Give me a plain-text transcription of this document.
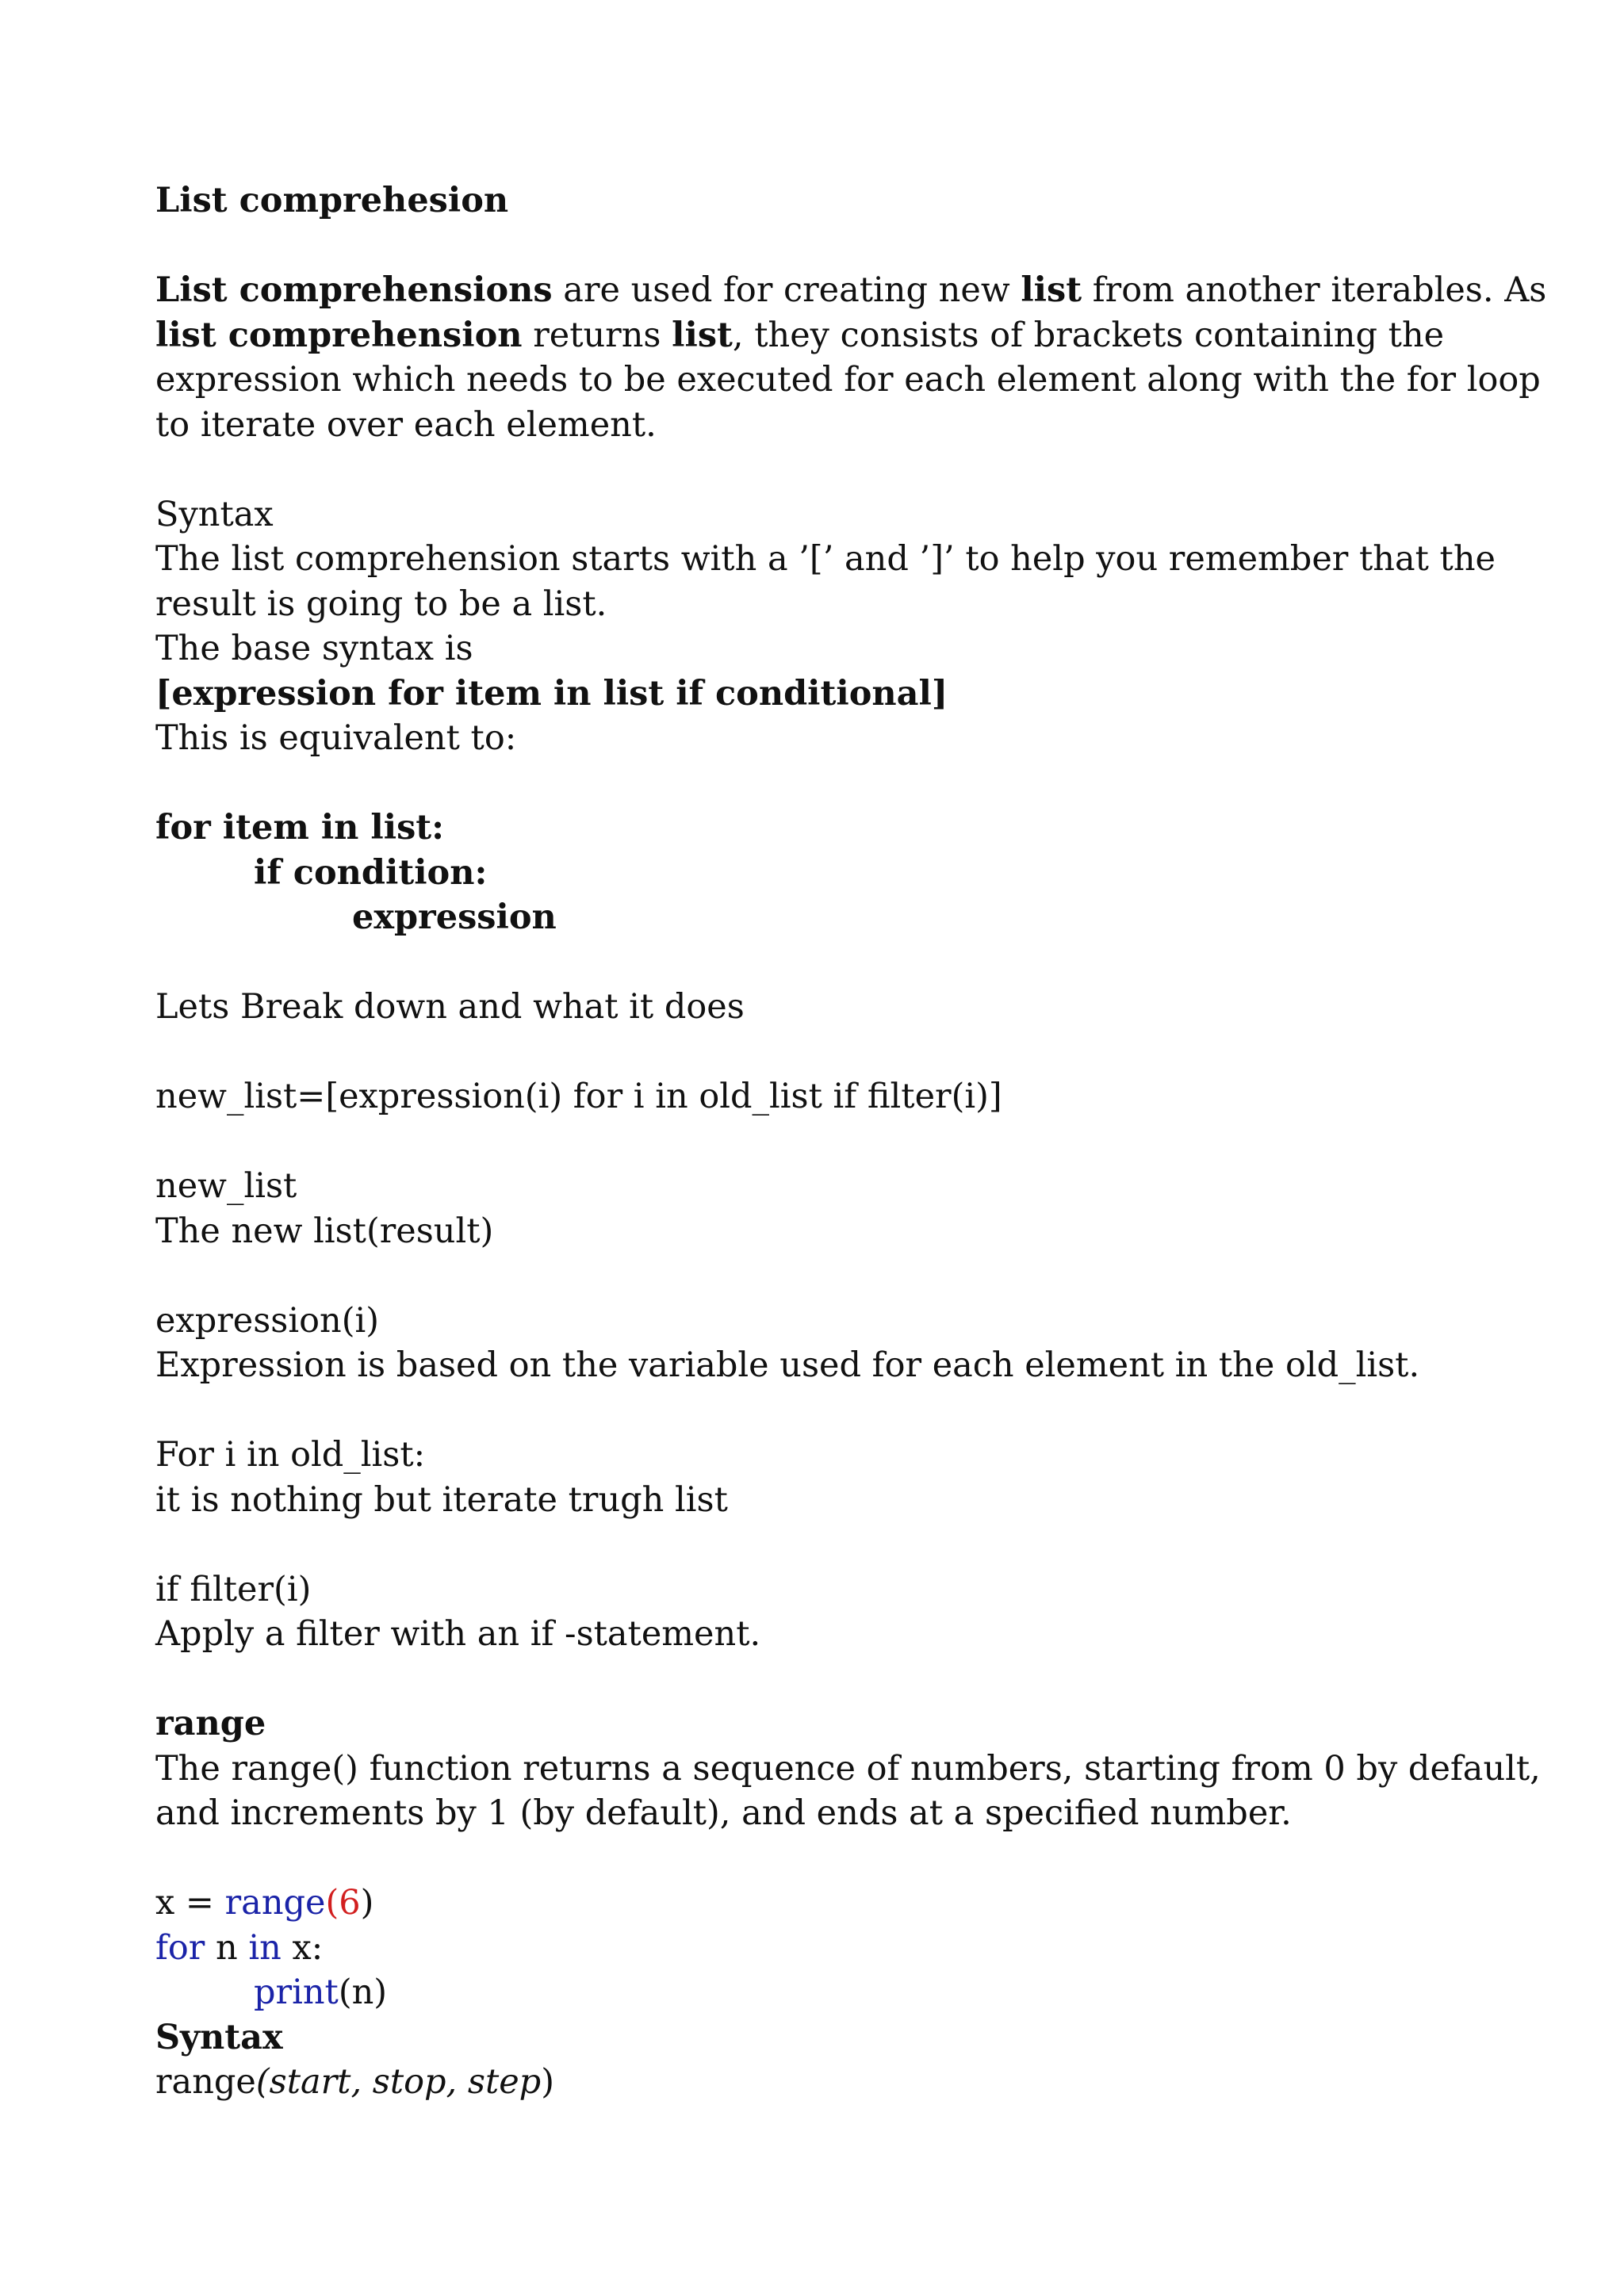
List comprehesion
List comprehensions are used for creating new list from another iterables. As
list comprehension returns list, they consists of brackets containing the
expression which needs to be executed for each element along with the for loop
to iterate over each element.
Syntax
The list comprehension starts with a ’[’ and ’]’ to help you remember that the
result is going to be a list.
The base syntax is
[expression for item in list if conditional]
This is equivalent to:
for item in list:
if condition:
expression
Lets Break down and what it does
new_list=[expression(i) for i in old_list if filter(i)]
new_list
The new list(result)
expression(i)
Expression is based on the variable used for each element in the old_list.
For i in old_list:
it is nothing but iterate trugh list
if filter(i)
Apply a filter with an if -statement.
range
The range() function returns a sequence of numbers, starting from 0 by default,
and increments by 1 (by default), and ends at a specified number.
x = range(6)
for n in x:
print(n)
Syntax
range(start, stop, step)
